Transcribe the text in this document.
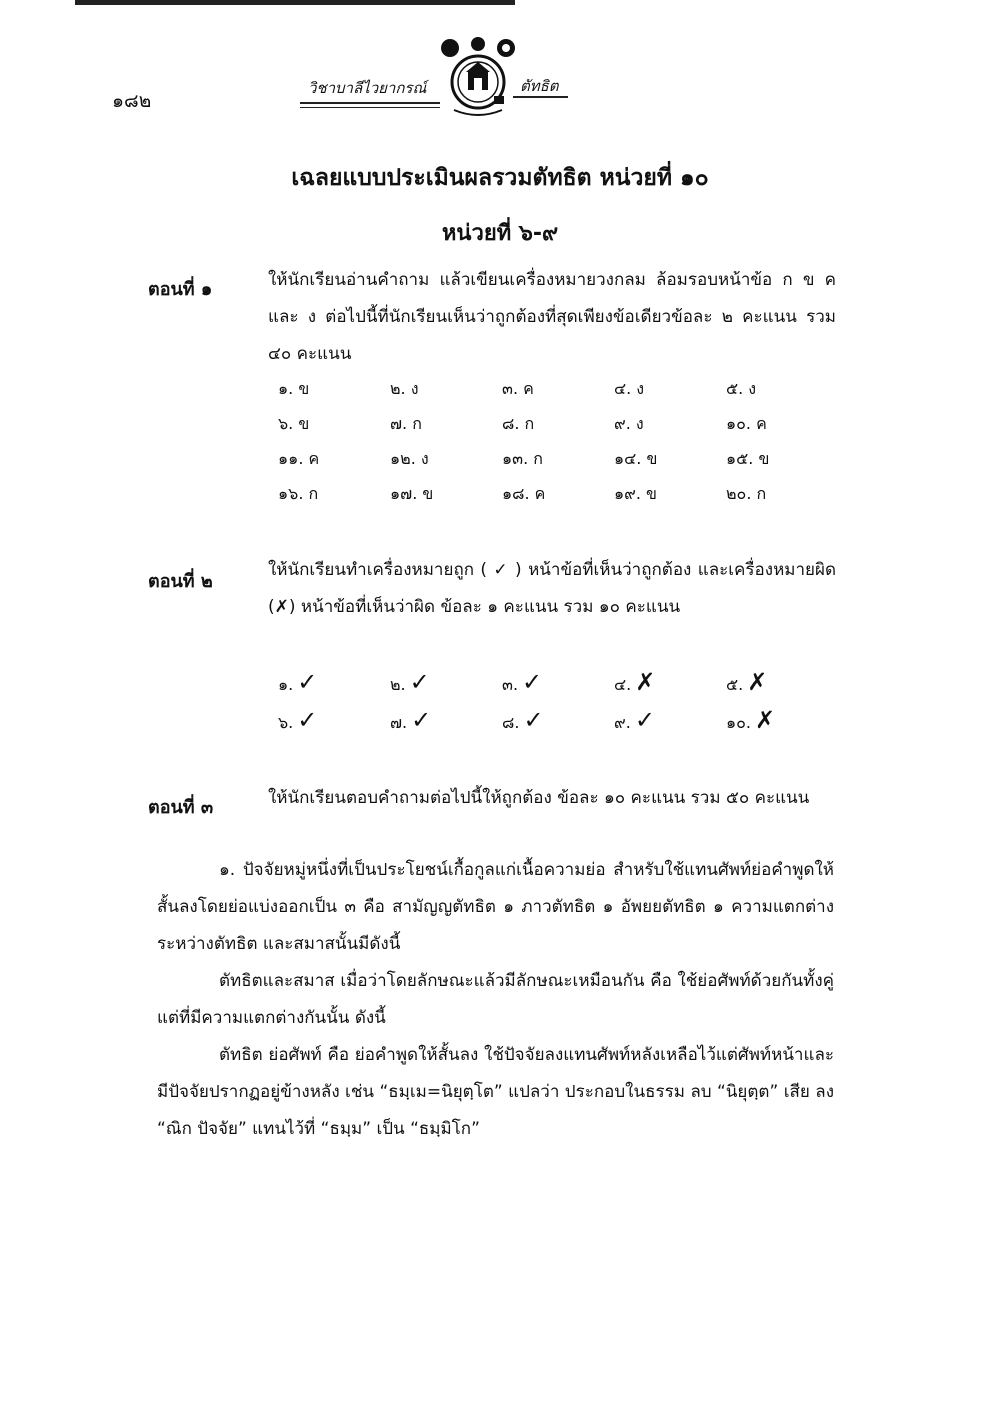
๑๘๒
วิชาบาลีไวยากรณ์	ตัทธิต
เฉลยแบบประเมินผลรวมตัทธิต หน่วยที่ ๑๐
หน่วยที่ ๖-๙
ตอนที่ ๑	ให้นักเรียนอ่านคำถาม แล้วเขียนเครื่องหมายวงกลม ล้อมรอบหน้าข้อ ก ข ค และ ง ต่อไปนี้ที่นักเรียนเห็นว่าถูกต้องที่สุดเพียงข้อเดียวข้อละ ๒ คะแนน รวม ๔๐ คะแนน
๑. ข	๒. ง	๓. ค	๔. ง	๕. ง
๖. ข	๗. ก	๘. ก	๙. ง	๑๐. ค
๑๑. ค	๑๒. ง	๑๓. ก	๑๔. ข	๑๕. ข
๑๖. ก	๑๗. ข	๑๘. ค	๑๙. ข	๒๐. ก
ตอนที่ ๒
ให้นักเรียนทำเครื่องหมายถูก ( ✓ ) หน้าข้อที่เห็นว่าถูกต้อง และเครื่องหมายผิด (✗) หน้าข้อที่เห็นว่าผิด ข้อละ ๑ คะแนน รวม ๑๐ คะแนน
๑. ✓	๒. ✓	๓. ✓	๔. ✗	๕. ✗
๖. ✓	๗. ✓	๘. ✓	๙. ✓	๑๐. ✗
ตอนที่ ๓	ให้นักเรียนตอบคำถามต่อไปนี้ให้ถูกต้อง ข้อละ ๑๐ คะแนน รวม ๕๐ คะแนน

๑. ปัจจัยหมู่หนึ่งที่เป็นประโยชน์เกื้อกูลแก่เนื้อความย่อ สำหรับใช้แทนศัพท์ย่อคำพูดให้สั้นลงโดยย่อแบ่งออกเป็น ๓ คือ สามัญญตัทธิต ๑ ภาวตัทธิต ๑ อัพยยตัทธิต ๑ ความแตกต่างระหว่างตัทธิต และสมาสนั้นมีดังนี้

ตัทธิตและสมาส เมื่อว่าโดยลักษณะแล้วมีลักษณะเหมือนกัน คือ ใช้ย่อศัพท์ด้วยกันทั้งคู่ แต่ที่มีความแตกต่างกันนั้น ดังนี้

ตัทธิต ย่อศัพท์ คือ ย่อคำพูดให้สั้นลง ใช้ปัจจัยลงแทนศัพท์หลังเหลือไว้แต่ศัพท์หน้าและมีปัจจัยปรากฏอยู่ข้างหลัง เช่น “ธมฺเม=นิยุตฺโต” แปลว่า ประกอบในธรรม ลบ “นิยุตฺต” เสีย ลง “ณิก ปัจจัย” แทนไว้ที่ “ธมฺม” เป็น “ธมฺมิโก”
